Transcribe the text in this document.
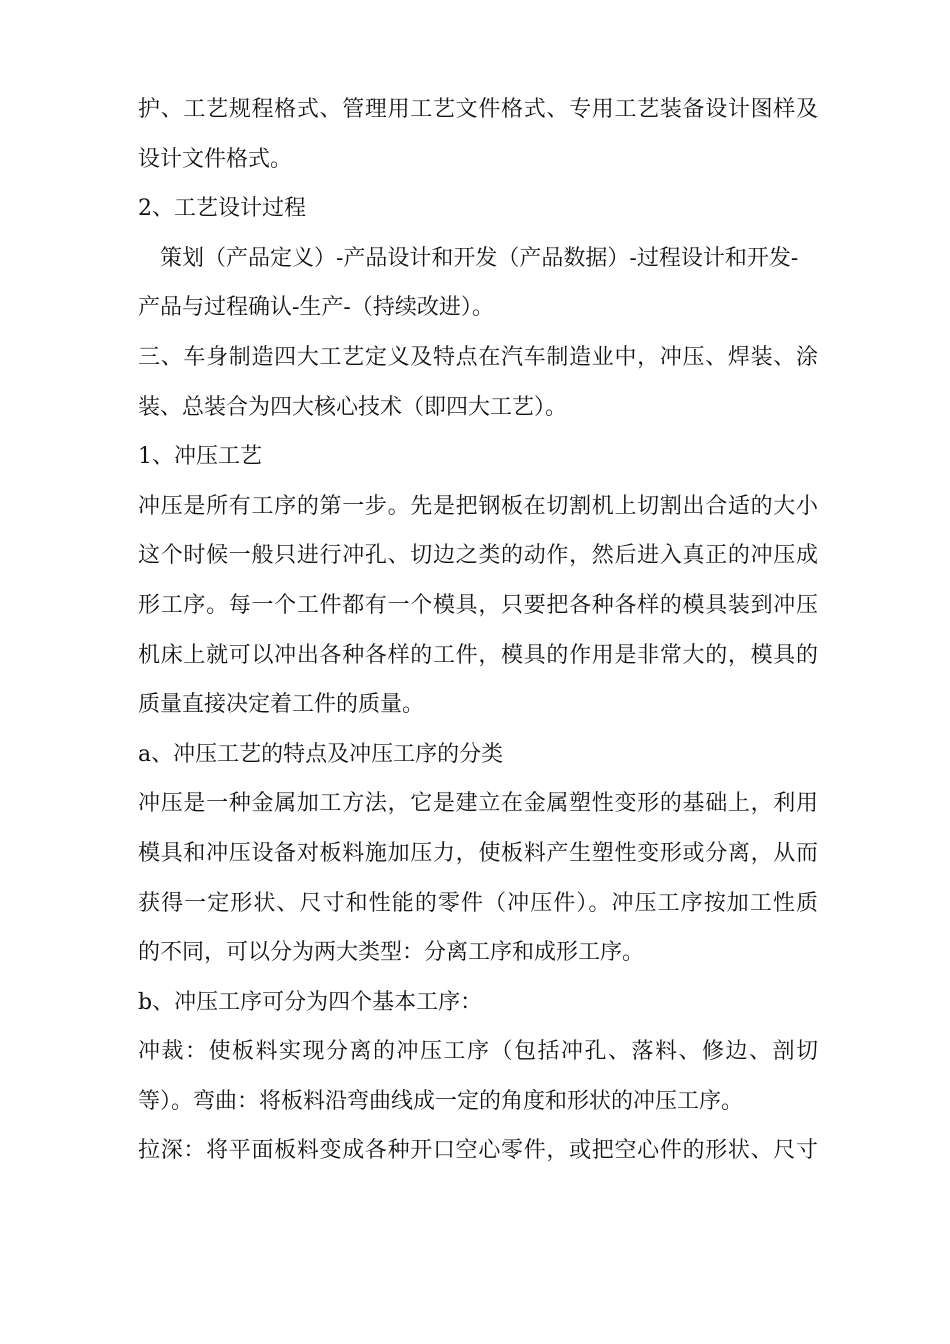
护、工艺规程格式、管理用工艺文件格式、专用工艺装备设计图样及
设计文件格式。
2、工艺设计过程
策划（产品定义）-产品设计和开发（产品数据）-过程设计和开发-
产品与过程确认-生产-（持续改进）。
三、车身制造四大工艺定义及特点在汽车制造业中，冲压、焊装、涂
装、总装合为四大核心技术（即四大工艺）。
1、冲压工艺
冲压是所有工序的第一步。先是把钢板在切割机上切割出合适的大小
这个时候一般只进行冲孔、切边之类的动作，然后进入真正的冲压成
形工序。每一个工件都有一个模具，只要把各种各样的模具装到冲压
机床上就可以冲出各种各样的工件，模具的作用是非常大的，模具的
质量直接决定着工件的质量。
a、冲压工艺的特点及冲压工序的分类
冲压是一种金属加工方法，它是建立在金属塑性变形的基础上，利用
模具和冲压设备对板料施加压力，使板料产生塑性变形或分离，从而
获得一定形状、尺寸和性能的零件（冲压件）。冲压工序按加工性质
的不同，可以分为两大类型：分离工序和成形工序。
b、冲压工序可分为四个基本工序：
冲裁：使板料实现分离的冲压工序（包括冲孔、落料、修边、剖切
等）。弯曲：将板料沿弯曲线成一定的角度和形状的冲压工序。
拉深：将平面板料变成各种开口空心零件，或把空心件的形状、尺寸
